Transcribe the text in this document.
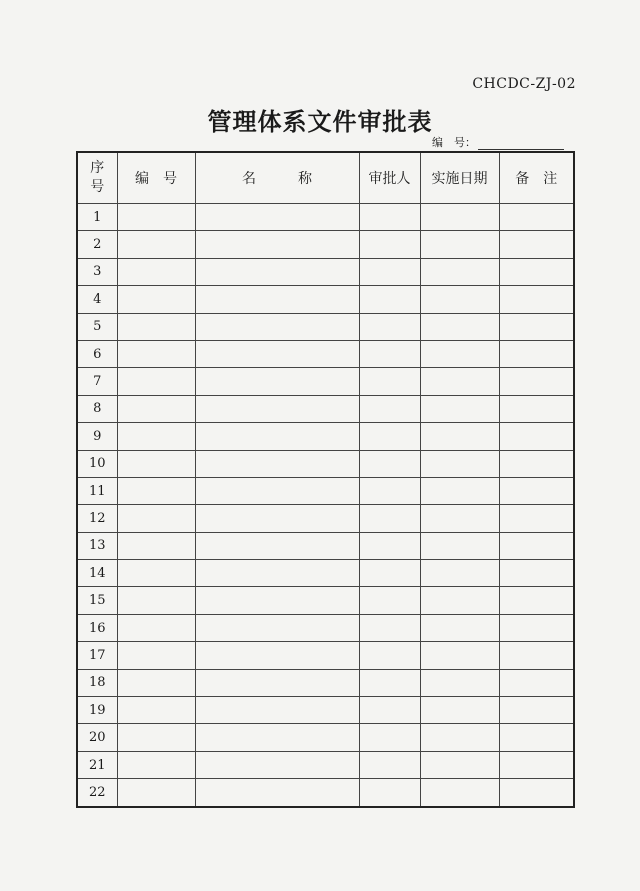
CHCDC-ZJ-02
管理体系文件审批表
编　号：
序
号	编　号	名　　　称	审批人	实施日期	备　注
1					
2					
3					
4					
5					
6					
7					
8					
9					
10					
11					
12					
13					
14					
15					
16					
17					
18					
19					
20					
21					
22					
